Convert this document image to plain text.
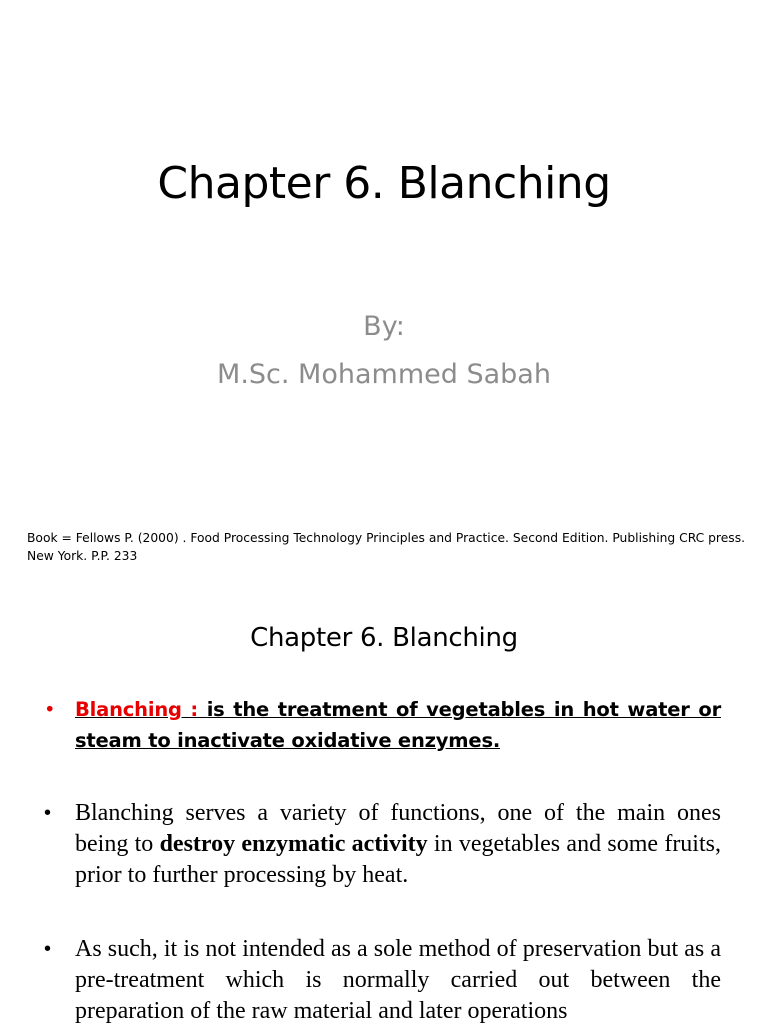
Chapter 6. Blanching
By:
M.Sc. Mohammed Sabah
Book = Fellows P. (2000) . Food Processing Technology Principles and Practice. Second Edition. Publishing CRC press. New York. P.P. 233
Chapter 6. Blanching
• Blanching : is the treatment of vegetables in hot water or steam to inactivate oxidative enzymes.
• Blanching serves a variety of functions, one of the main ones being to destroy enzymatic activity in vegetables and some fruits, prior to further processing by heat.
• As such, it is not intended as a sole method of preservation but as a pre-treatment which is normally carried out between the preparation of the raw material and later operations
